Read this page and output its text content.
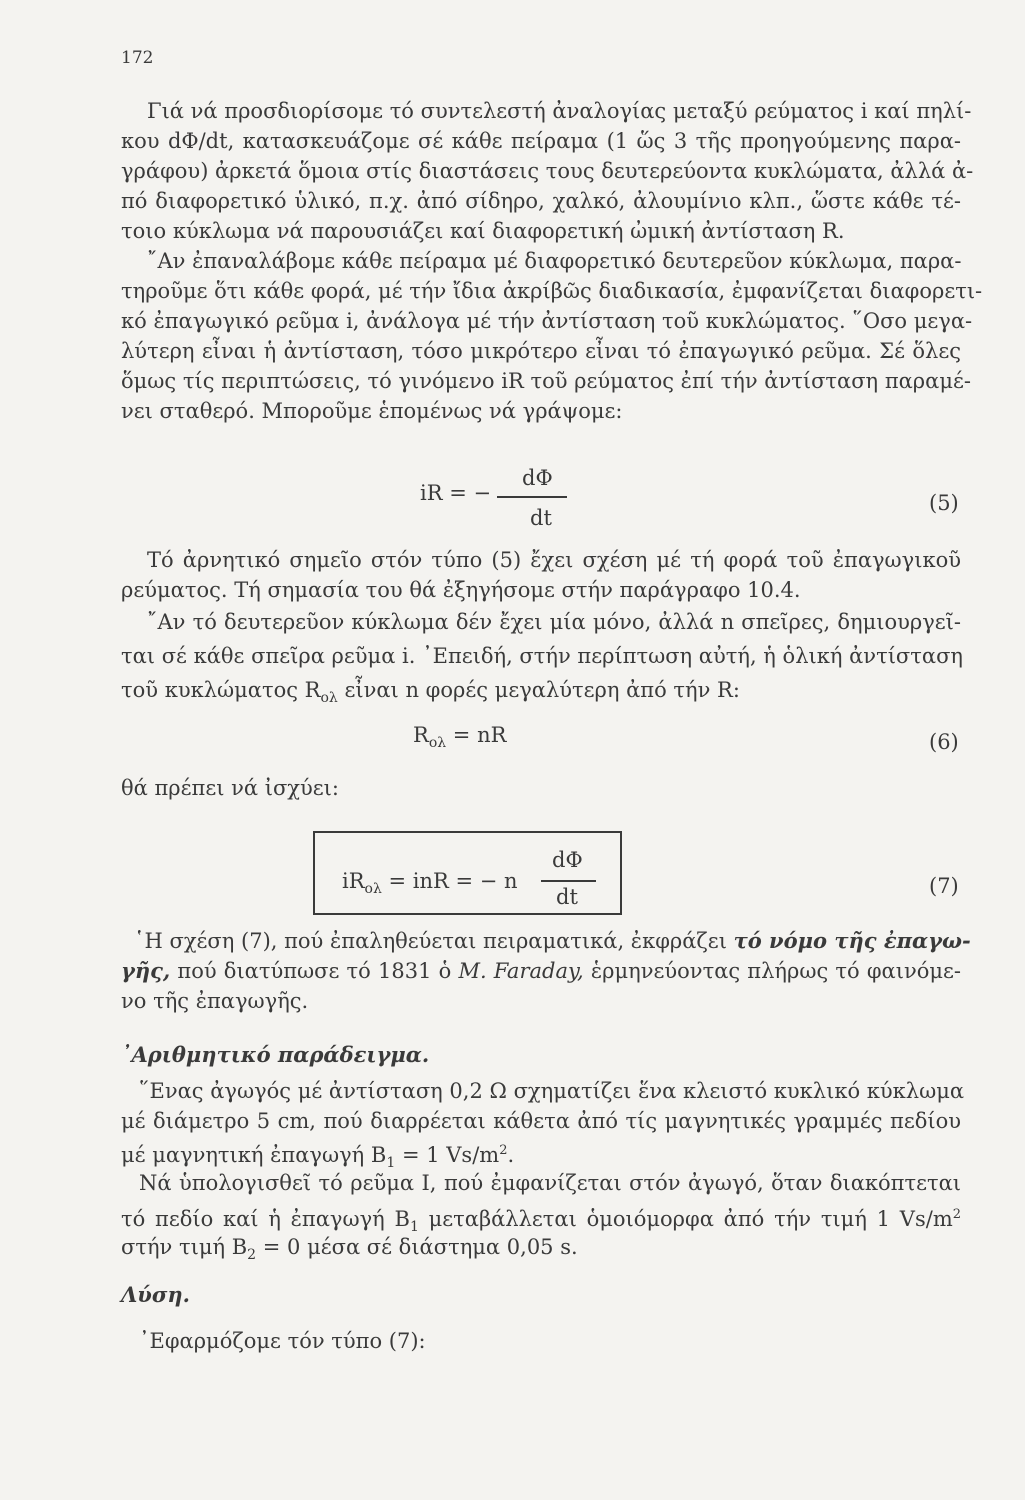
172
Γιά νά προσδιορίσομε τό συντελεστή ἀναλογίας μεταξύ ρεύματος i καί πηλί-
κου dΦ/dt, κατασκευάζομε σέ κάθε πείραμα (1 ὥς 3 τῆς προηγούμενης παρα-
γράφου) ἀρκετά ὅμοια στίς διαστάσεις τους δευτερεύοντα κυκλώματα, ἀλλά ἀ-
πό διαφορετικό ὑλικό, π.χ. ἀπό σίδηρο, χαλκό, ἀλουμίνιο κλπ., ὥστε κάθε τέ-
τοιο κύκλωμα νά παρουσιάζει καί διαφορετική ὠμική ἀντίσταση R.
῎Αν ἐπαναλάβομε κάθε πείραμα μέ διαφορετικό δευτερεῦον κύκλωμα, παρα-
τηροῦμε ὅτι κάθε φορά, μέ τήν ἴδια ἀκρίβῶς διαδικασία, ἐμφανίζεται διαφορετι-
κό ἐπαγωγικό ρεῦμα i, ἀνάλογα μέ τήν ἀντίσταση τοῦ κυκλώματος. ῞Οσο μεγα-
λύτερη εἶναι ἡ ἀντίσταση, τόσο μικρότερο εἶναι τό ἐπαγωγικό ρεῦμα. Σέ ὅλες
ὅμως τίς περιπτώσεις, τό γινόμενο iR τοῦ ρεύματος ἐπί τήν ἀντίσταση παραμέ-
νει σταθερό. Μπορoῦμε ἑπομένως νά γράψομε:
iR = −
dΦ
dt
(5)
Τό ἀρνητικό σημεῖο στόν τύπο (5) ἔχει σχέση μέ τή φορά τοῦ ἐπαγωγικοῦ
ρεύματος. Τή σημασία του θά ἐξηγήσομε στήν παράγραφο 10.4.
῎Αν τό δευτερεῦον κύκλωμα δέν ἔχει μία μόνο, ἀλλά n σπεῖρες, δημιουργεῖ-
ται σέ κάθε σπεῖρα ρεῦμα i. ᾿Επειδή, στήν περίπτωση αὐτή, ἡ ὁλική ἀντίσταση
τοῦ κυκλώματος $R_{o\lambda}$ εἶναι n φορές μεγαλύτερη ἀπό τήν R:
$R_{o\lambda}$ = nR	(6)
θά πρέπει νά ἰσχύει:
$iR_{o\lambda}$ = inR = − n
dΦ
dt	(7)
῾Η σχέση (7), πού ἐπαληθεύεται πειραματικά, ἐκφράζει τό νόμο τῆς ἐπαγω-
γῆς, πού διατύπωσε τό 1831 ὁ M. Faraday, ἑρμηνεύοντας πλήρως τό φαινόμε-
νο τῆς ἐπαγωγῆς.
᾿Αριθμητικό παράδειγμα.
῞Ενας ἀγωγός μέ ἀντίσταση 0,2 Ω σχηματίζει ἕνα κλειστό κυκλικό κύκλωμα
μέ διάμετρο 5 cm, πού διαρρέεται κάθετα ἀπό τίς μαγνητικές γραμμές πεδίου
μέ μαγνητική ἐπαγωγή $B_1 = 1$ $Vs/m^2$.
Νά ὑπολογισθεῖ τό ρεῦμα I, πού ἐμφανίζεται στόν ἀγωγό, ὅταν διακόπτεται
τό πεδίο καί ἡ ἐπαγωγή $B_1$ μεταβάλλεται ὁμοιόμορφα ἀπό τήν τιμή 1 $Vs/m^2$
στήν τιμή $B_2 = 0$ μέσα σέ διάστημα 0,05 s.
Λύση.
᾿Εφαρμόζομε τόν τύπο (7):
